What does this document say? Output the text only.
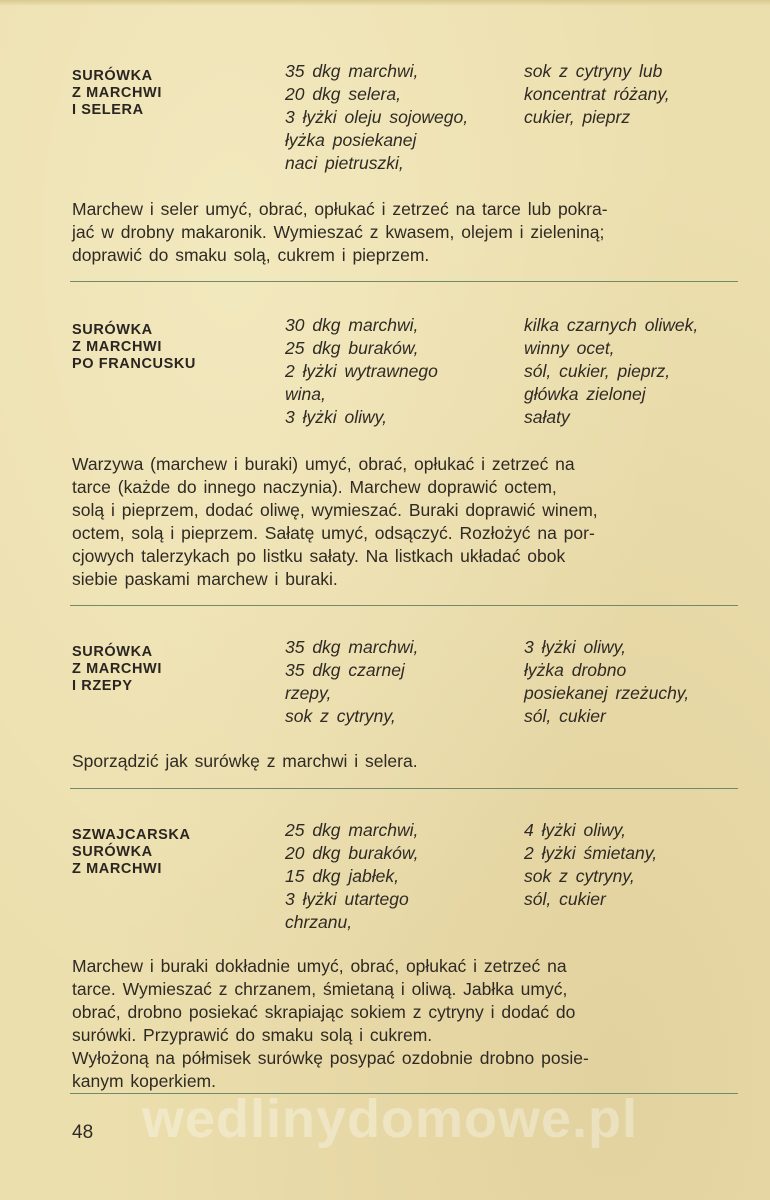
SURÓWKA
Z MARCHWI
I SELERA
35 dkg marchwi,
20 dkg selera,
3 łyżki oleju sojowego,
łyżka posiekanej
naci pietruszki,
sok z cytryny lub
koncentrat różany,
cukier, pieprz
Marchew i seler umyć, obrać, opłukać i zetrzeć na tarce lub pokra-
jać w drobny makaronik. Wymieszać z kwasem, olejem i zieleniną;
doprawić do smaku solą, cukrem i pieprzem.
SURÓWKA
Z MARCHWI
PO FRANCUSKU
30 dkg marchwi,
25 dkg buraków,
2 łyżki wytrawnego
wina,
3 łyżki oliwy,
kilka czarnych oliwek,
winny ocet,
sól, cukier, pieprz,
główka zielonej
sałaty
Warzywa (marchew i buraki) umyć, obrać, opłukać i zetrzeć na
tarce (każde do innego naczynia). Marchew doprawić octem,
solą i pieprzem, dodać oliwę, wymieszać. Buraki doprawić winem,
octem, solą i pieprzem. Sałatę umyć, odsączyć. Rozłożyć na por-
cjowych talerzykach po listku sałaty. Na listkach układać obok
siebie paskami marchew i buraki.
SURÓWKA
Z MARCHWI
I RZEPY
35 dkg marchwi,
35 dkg czarnej
rzepy,
sok z cytryny,
3 łyżki oliwy,
łyżka drobno
posiekanej rzeżuchy,
sól, cukier
Sporządzić jak surówkę z marchwi i selera.
SZWAJCARSKA
SURÓWKA
Z MARCHWI
25 dkg marchwi,
20 dkg buraków,
15 dkg jabłek,
3 łyżki utartego
chrzanu,
4 łyżki oliwy,
2 łyżki śmietany,
sok z cytryny,
sól, cukier
Marchew i buraki dokładnie umyć, obrać, opłukać i zetrzeć na
tarce. Wymieszać z chrzanem, śmietaną i oliwą. Jabłka umyć,
obrać, drobno posiekać skrapiając sokiem z cytryny i dodać do
surówki. Przyprawić do smaku solą i cukrem.
Wyłożoną na półmisek surówkę posypać ozdobnie drobno posie-
kanym koperkiem.
wedlinydomowe.pl
48
